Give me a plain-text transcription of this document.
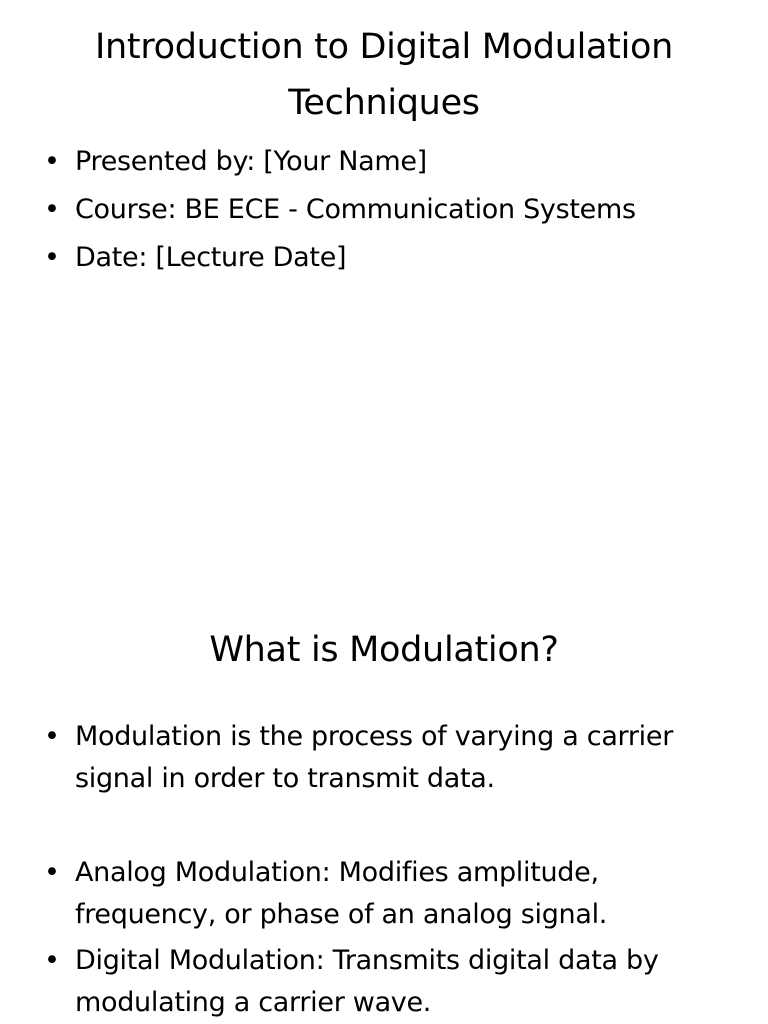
Introduction to Digital Modulation Techniques
• Presented by: [Your Name]
• Course: BE ECE - Communication Systems
• Date: [Lecture Date]
What is Modulation?
• Modulation is the process of varying a carrier signal in order to transmit data.
• Analog Modulation: Modifies amplitude, frequency, or phase of an analog signal.
• Digital Modulation: Transmits digital data by modulating a carrier wave.
